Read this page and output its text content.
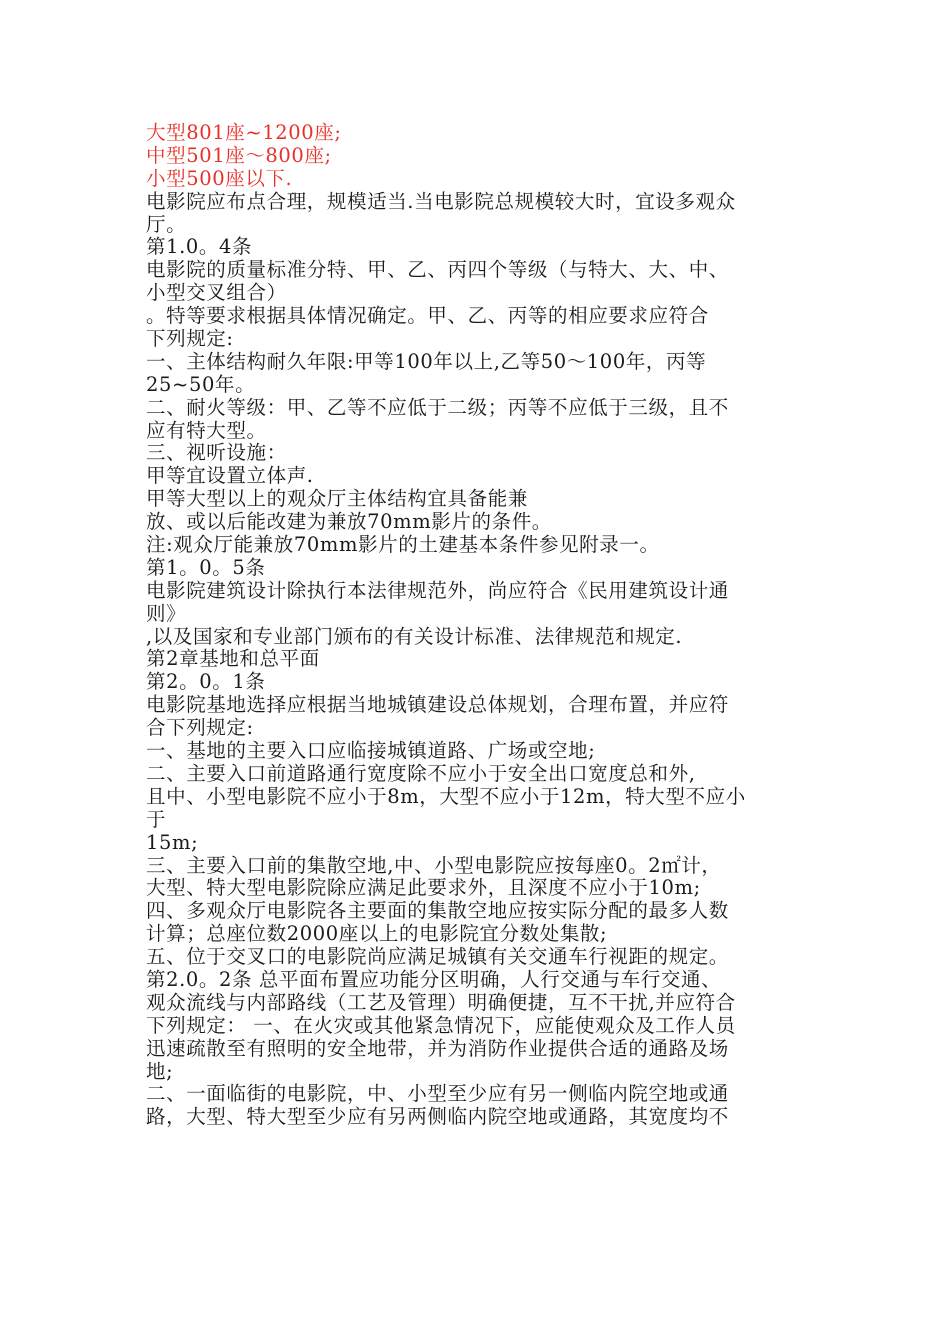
大型801座~1200座;
中型501座～800座;
小型500座以下.
电影院应布点合理，规模适当.当电影院总规模较大时，宜设多观众
厅。
第1.0。4条
电影院的质量标准分特、甲、乙、丙四个等级（与特大、大、中、
小型交叉组合）
。特等要求根据具体情况确定。甲、乙、丙等的相应要求应符合
下列规定:
一、主体结构耐久年限:甲等100年以上,乙等50～100年，丙等
25~50年。
二、耐火等级：甲、乙等不应低于二级；丙等不应低于三级，且不
应有特大型。
三、视听设施：
甲等宜设置立体声.
甲等大型以上的观众厅主体结构宜具备能兼
放、或以后能改建为兼放70mm影片的条件。
注:观众厅能兼放70mm影片的土建基本条件参见附录一。
第1。0。5条
电影院建筑设计除执行本法律规范外，尚应符合《民用建筑设计通
则》
,以及国家和专业部门颁布的有关设计标准、法律规范和规定.
第2章基地和总平面
第2。0。1条
电影院基地选择应根据当地城镇建设总体规划，合理布置，并应符
合下列规定:
一、基地的主要入口应临接城镇道路、广场或空地;
二、主要入口前道路通行宽度除不应小于安全出口宽度总和外,
且中、小型电影院不应小于8m，大型不应小于12m，特大型不应小
于
15m;
三、主要入口前的集散空地,中、小型电影院应按每座0。2㎡计，
大型、特大型电影院除应满足此要求外，且深度不应小于10m;
四、多观众厅电影院各主要面的集散空地应按实际分配的最多人数
计算；总座位数2000座以上的电影院宜分数处集散;
五、位于交叉口的电影院尚应满足城镇有关交通车行视距的规定。
第2.0。2条 总平面布置应功能分区明确，人行交通与车行交通、
观众流线与内部路线（工艺及管理）明确便捷，互不干扰,并应符合
下列规定： 一、在火灾或其他紧急情况下，应能使观众及工作人员
迅速疏散至有照明的安全地带，并为消防作业提供合适的通路及场
地;
二、一面临街的电影院，中、小型至少应有另一侧临内院空地或通
路，大型、特大型至少应有另两侧临内院空地或通路，其宽度均不
